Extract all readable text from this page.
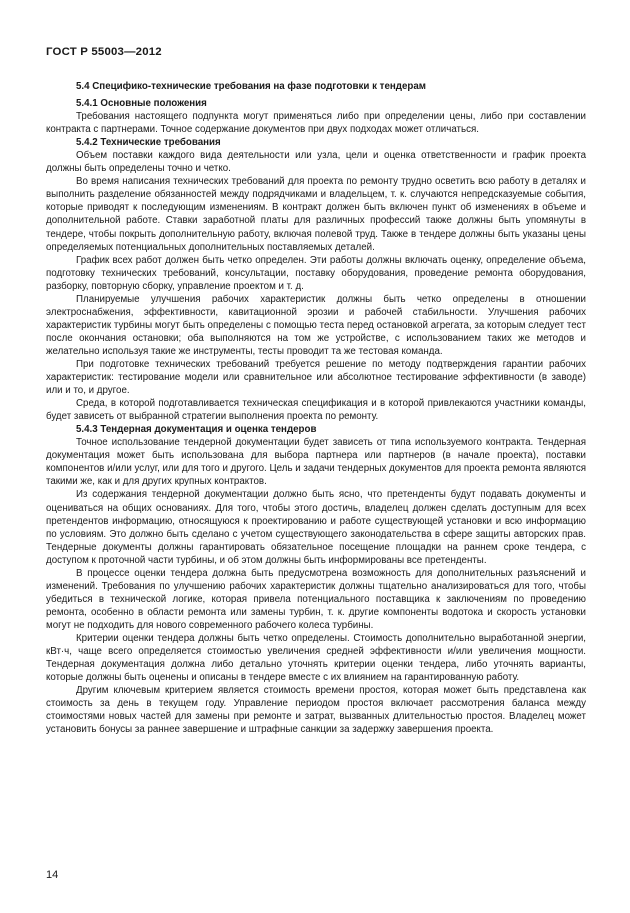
ГОСТ Р 55003—2012
5.4 Специфико-технические требования на фазе подготовки к тендерам
5.4.1 Основные положения

Требования настоящего подпункта могут применяться либо при определении цены, либо при составлении контракта с партнерами. Точное содержание документов при двух подходах может отличаться.

5.4.2 Технические требования

Объем поставки каждого вида деятельности или узла, цели и оценка ответственности и график проекта должны быть определены точно и четко.

Во время написания технических требований для проекта по ремонту трудно осветить всю работу в деталях и выполнить разделение обязанностей между подрядчиками и владельцем, т. к. случаются непредсказуемые события, которые приводят к последующим изменениям. В контракт должен быть включен пункт об изменениях в объеме и дополнительной работе. Ставки заработной платы для различных профессий также должны быть упомянуты в тендере, чтобы покрыть дополнительную работу, включая полевой труд. Также в тендере должны быть указаны цены определяемых потенциальных дополнительных поставляемых деталей.

График всех работ должен быть четко определен. Эти работы должны включать оценку, определение объема, подготовку технических требований, консультации, поставку оборудования, проведение ремонта оборудования, разборку, повторную сборку, управление проектом и т. д.

Планируемые улучшения рабочих характеристик должны быть четко определены в отношении электроснабжения, эффективности, кавитационной эрозии и рабочей стабильности. Улучшения рабочих характеристик турбины могут быть определены с помощью теста перед остановкой агрегата, за которым следует тест после окончания остановки; оба выполняются на том же устройстве, с использованием таких же методов и желательно используя такие же инструменты, тесты проводит та же тестовая команда.

При подготовке технических требований требуется решение по методу подтверждения гарантии рабочих характеристик: тестирование модели или сравнительное или абсолютное тестирование эффективности (в заводе) или и то, и другое.

Среда, в которой подготавливается техническая спецификация и в которой привлекаются участники команды, будет зависеть от выбранной стратегии выполнения проекта по ремонту.

5.4.3 Тендерная документация и оценка тендеров

Точное использование тендерной документации будет зависеть от типа используемого контракта. Тендерная документация может быть использована для выбора партнера или партнеров (в начале проекта), поставки компонентов и/или услуг, или для того и другого. Цель и задачи тендерных документов для проекта ремонта являются такими же, как и для других крупных контрактов.

Из содержания тендерной документации должно быть ясно, что претенденты будут подавать документы и оцениваться на общих основаниях. Для того, чтобы этого достичь, владелец должен сделать доступным для всех претендентов информацию, относящуюся к проектированию и работе существующей установки и всю информацию по условиям. Это должно быть сделано с учетом существующего законодательства в сфере защиты авторских прав. Тендерные документы должны гарантировать обязательное посещение площадки на раннем сроке тендера, с доступом к проточной части турбины, и об этом должны быть информированы все претенденты.

В процессе оценки тендера должна быть предусмотрена возможность для дополнительных разъяснений и изменений. Требования по улучшению рабочих характеристик должны тщательно анализироваться для того, чтобы убедиться в технической логике, которая привела потенциального поставщика к заключениям по проведению ремонта, особенно в области ремонта или замены турбин, т. к. другие компоненты водотока и скорость установки могут не подходить для нового современного рабочего колеса турбины.

Критерии оценки тендера должны быть четко определены. Стоимость дополнительно выработанной энергии, кВт·ч, чаще всего определяется стоимостью увеличения средней эффективности и/или увеличения мощности. Тендерная документация должна либо детально уточнять критерии оценки тендера, либо уточнять варианты, которые должны быть оценены и описаны в тендере вместе с их влиянием на гарантированную работу.

Другим ключевым критерием является стоимость времени простоя, которая может быть представлена как стоимость за день в текущем году. Управление периодом простоя включает рассмотрения баланса между стоимостями новых частей для замены при ремонте и затрат, вызванных длительностью простоя. Владелец может установить бонусы за раннее завершение и штрафные санкции за задержку завершения проекта.

14
